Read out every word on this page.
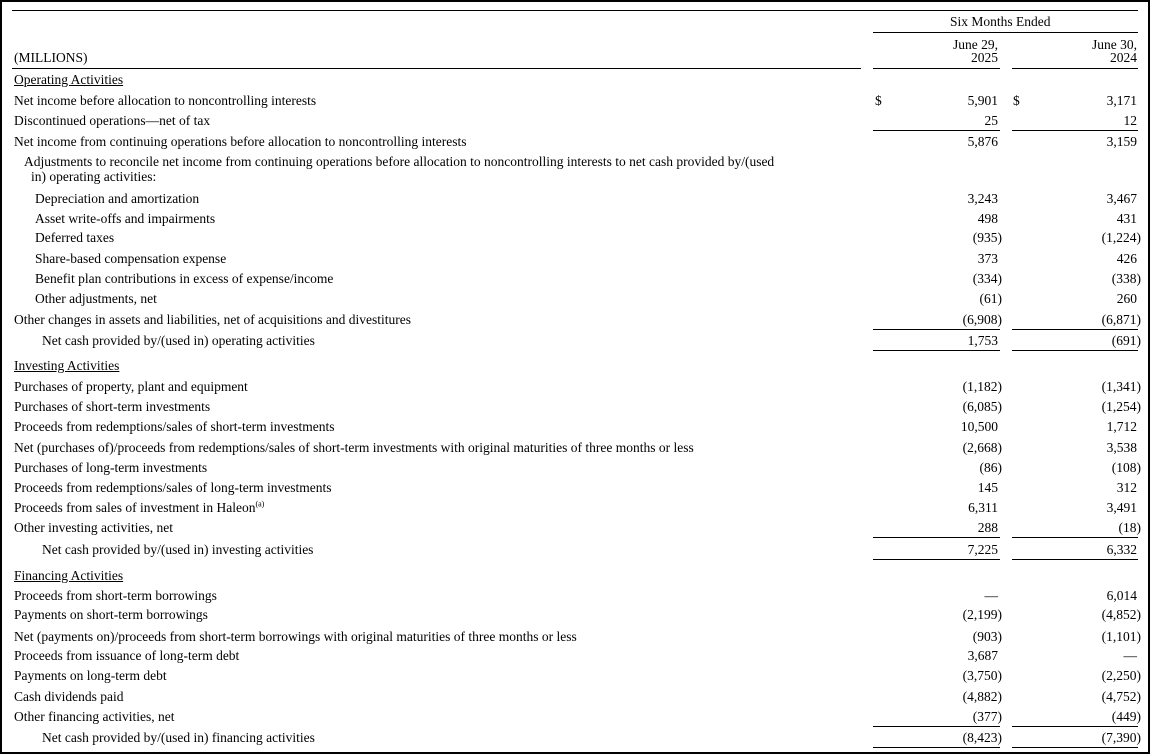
Six Months Ended
(MILLIONS)
June 29,
2025
June 30,
2024
Operating Activities
Net income before allocation to noncontrolling interests	$	5,901 $	3,171
Discontinued operations—net of tax	25	12
Net income from continuing operations before allocation to noncontrolling interests	5,876	3,159
Adjustments to reconcile net income from continuing operations before allocation to noncontrolling interests to net cash provided by/(used
in) operating activities:
Depreciation and amortization	3,243	3,467
Asset write-offs and impairments	498	431
Deferred taxes	(935)	(1,224)
Share-based compensation expense	373	426
Benefit plan contributions in excess of expense/income	(334)	(338)
Other adjustments, net	(61)	260
Other changes in assets and liabilities, net of acquisitions and divestitures	(6,908)	(6,871)
Net cash provided by/(used in) operating activities	1,753	(691)
Investing Activities
Purchases of property, plant and equipment	(1,182)	(1,341)
Purchases of short-term investments	(6,085)	(1,254)
Proceeds from redemptions/sales of short-term investments	10,500	1,712
Net (purchases of)/proceeds from redemptions/sales of short-term investments with original maturities of three months or less	(2,668)	3,538
Purchases of long-term investments	(86)	(108)
Proceeds from redemptions/sales of long-term investments	145	312
Proceeds from sales of investment in Haleon$^{(a)}$	6,311	3,491
Other investing activities, net	288	(18)
Net cash provided by/(used in) investing activities	7,225	6,332
Financing Activities
Proceeds from short-term borrowings	—	6,014
Payments on short-term borrowings	(2,199)	(4,852)
Net (payments on)/proceeds from short-term borrowings with original maturities of three months or less	(903)	(1,101)
Proceeds from issuance of long-term debt	3,687	—
Payments on long-term debt	(3,750)	(2,250)
Cash dividends paid	(4,882)	(4,752)
Other financing activities, net	(377)	(449)
Net cash provided by/(used in) financing activities	(8,423)	(7,390)
